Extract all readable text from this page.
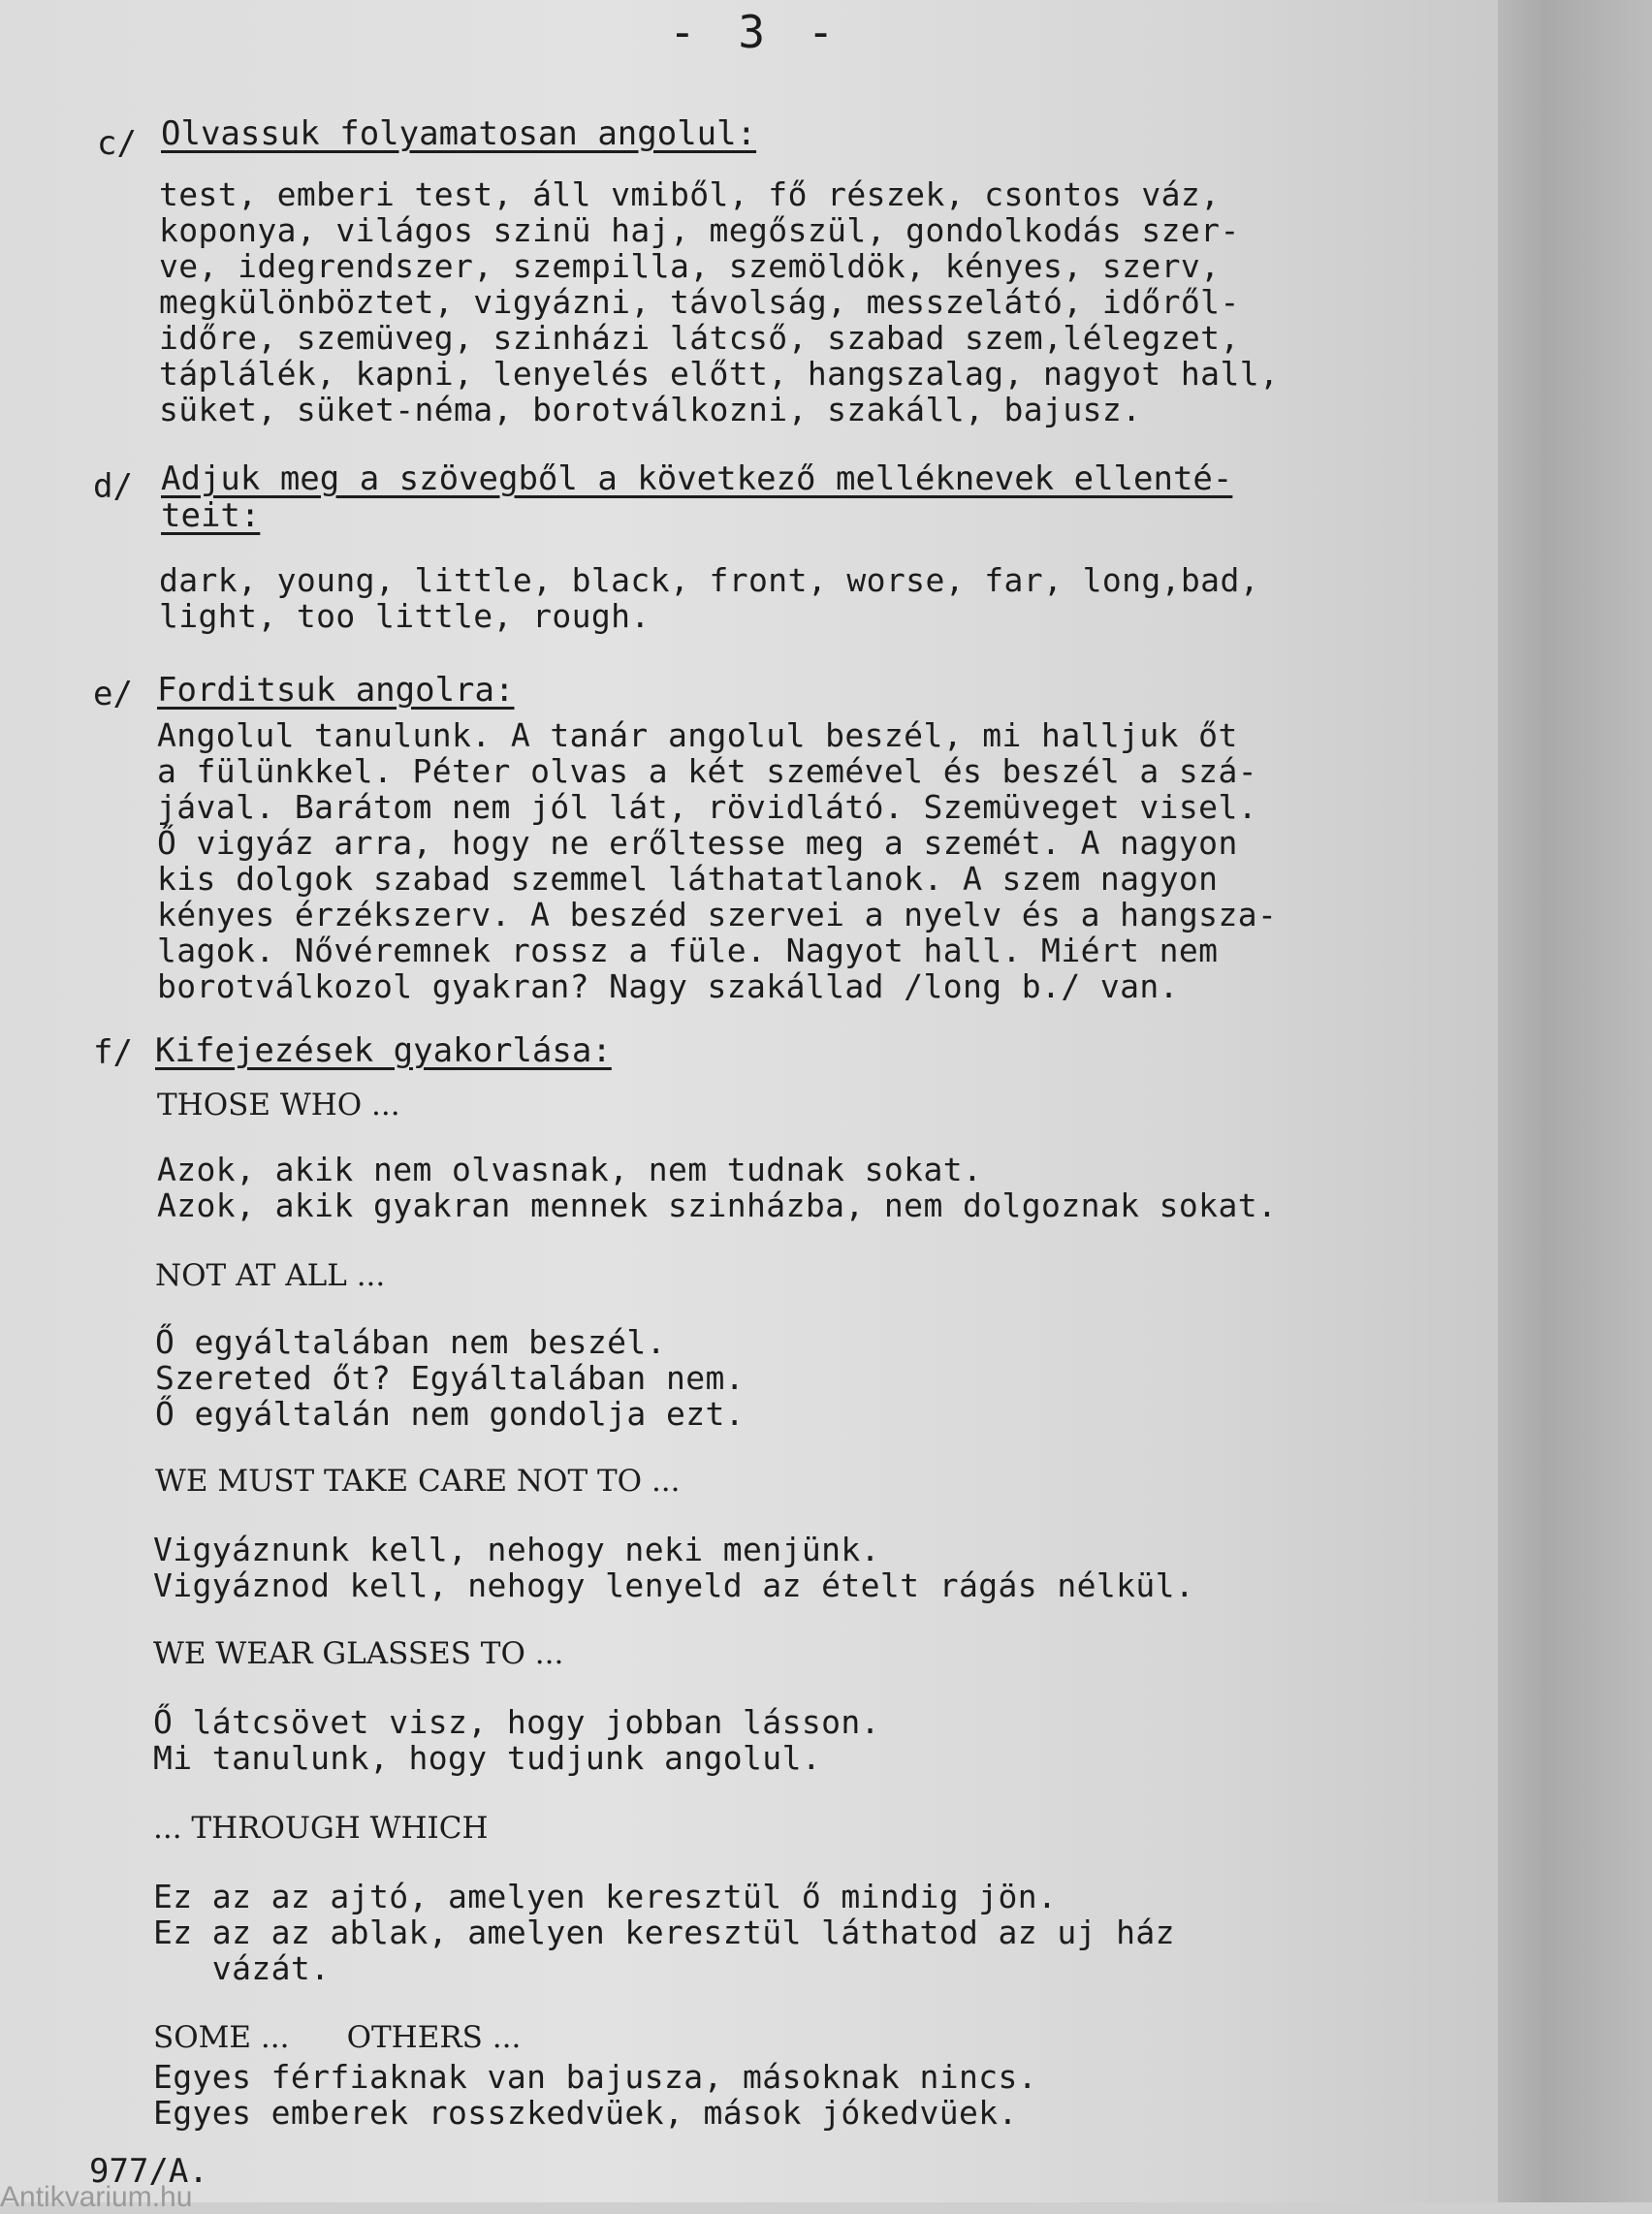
- 3 -
c/ Olvassuk folyamatosan angolul:
test, emberi test, áll vmiből, fő részek, csontos váz,
koponya, világos szinü haj, megőszül, gondolkodás szer-
ve, idegrendszer, szempilla, szemöldök, kényes, szerv,
megkülönböztet, vigyázni, távolság, messzelátó, időről-
időre, szemüveg, szinházi látcső, szabad szem,lélegzet,
táplálék, kapni, lenyelés előtt, hangszalag, nagyot hall,
süket, süket-néma, borotválkozni, szakáll, bajusz.
d/ Adjuk meg a szövegből a következő melléknevek ellenté-
teit:
dark, young, little, black, front, worse, far, long,bad,
light, too little, rough.
e/ Forditsuk angolra:
Angolul tanulunk. A tanár angolul beszél, mi halljuk őt
a fülünkkel. Péter olvas a két szemével és beszél a szá-
jával. Barátom nem jól lát, rövidlátó. Szemüveget visel.
Ő vigyáz arra, hogy ne erőltesse meg a szemét. A nagyon
kis dolgok szabad szemmel láthatatlanok. A szem nagyon
kényes érzékszerv. A beszéd szervei a nyelv és a hangsza-
lagok. Nővéremnek rossz a füle. Nagyot hall. Miért nem
borotválkozol gyakran? Nagy szakállad /long b./ van.
f/ Kifejezések gyakorlása:
THOSE WHO ...
Azok, akik nem olvasnak, nem tudnak sokat.
Azok, akik gyakran mennek szinházba, nem dolgoznak sokat.
NOT AT ALL ...
Ő egyáltalában nem beszél.
Szereted őt? Egyáltalában nem.
Ő egyáltalán nem gondolja ezt.
WE MUST TAKE CARE NOT TO ...
Vigyáznunk kell, nehogy neki menjünk.
Vigyáznod kell, nehogy lenyeld az ételt rágás nélkül.
WE WEAR GLASSES TO ...
Ő látcsövet visz, hogy jobban lásson.
Mi tanulunk, hogy tudjunk angolul.
... THROUGH WHICH
Ez az az ajtó, amelyen keresztül ő mindig jön.
Ez az az ablak, amelyen keresztül láthatod az uj ház
vázát.
SOME ...      OTHERS ...
Egyes férfiaknak van bajusza, másoknak nincs.
Egyes emberek rosszkedvüek, mások jókedvüek.
977/A.
Antikvarium.hu
